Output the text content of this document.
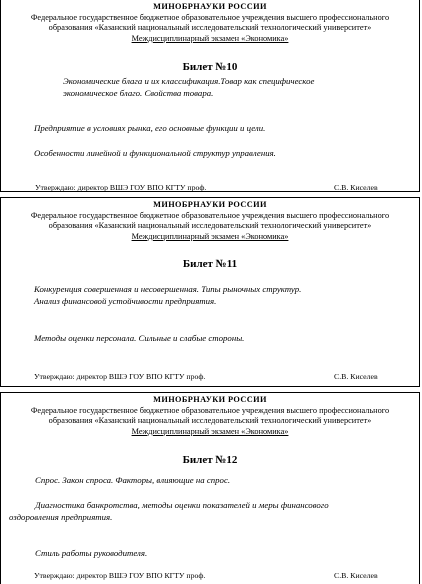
МИНОБРНАУКИ РОССИИ
Федеральное государственное бюджетное образовательное учреждения высшего профессионального
образования «Казанский национальный исследовательский технологический университет»
Междисциплинарный экзамен «Экономика»
Билет №10

Экономические блага и их классификация.Товар как специфическое

экономическое благо. Свойства товара.

Предприятие в условиях рынка, его основные функции и цели.

Особенности линейной и функциональной структур управления.

Утверждаю: директор ВШЭ ГОУ ВПО КГТУ проф.	С.В. Киселев
МИНОБРНАУКИ РОССИИ
Федеральное государственное бюджетное образовательное учреждения высшего профессионального
образования «Казанский национальный исследовательский технологический университет»
Междисциплинарный экзамен «Экономика»
Билет №11

Конкуренция совершенная и несовершенная. Типы рыночных структур.

Анализ финансовой устойчивости предприятия.

Методы оценки персонала. Сильные и слабые стороны.

Утверждаю: директор ВШЭ ГОУ ВПО КГТУ проф.	С.В. Киселев
МИНОБРНАУКИ РОССИИ
Федеральное государственное бюджетное образовательное учреждения высшего профессионального
образования «Казанский национальный исследовательский технологический университет»
Междисциплинарный экзамен «Экономика»
Билет №12

Спрос. Закон спроса. Факторы, влияющие на спрос.

Диагностика банкротства, методы оценки показателей и меры финансового

оздоровления предприятия.

Стиль работы руководителя.

Утверждаю: директор ВШЭ ГОУ ВПО КГТУ проф.	С.В. Киселев
